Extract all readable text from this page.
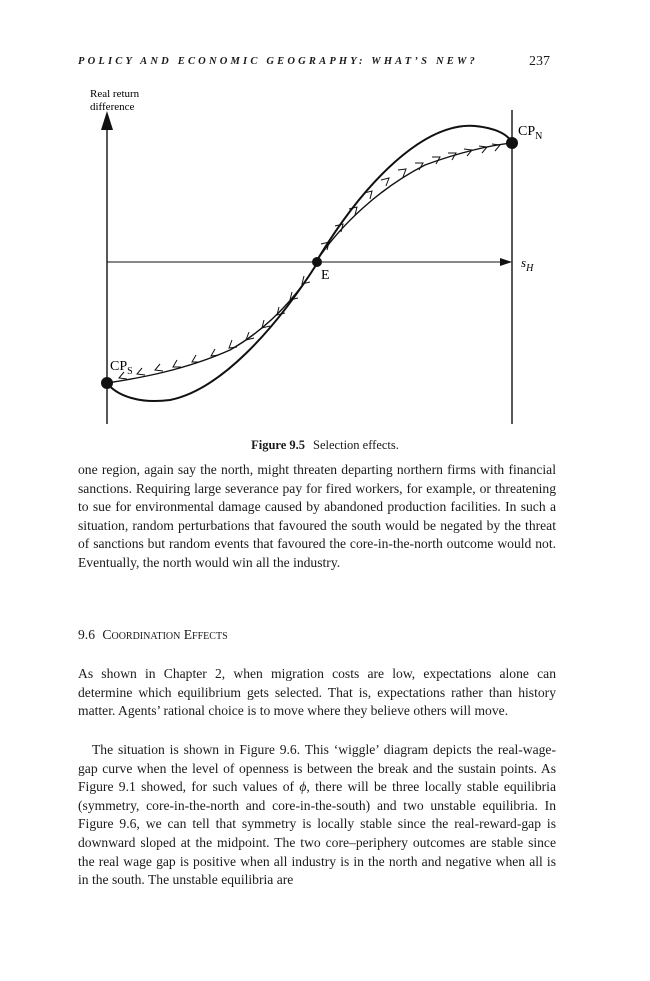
POLICY AND ECONOMIC GEOGRAPHY: WHAT’S NEW?	237
Real return
difference
$s_H$
$CP_N$
$CP_S$
E
Figure 9.5 Selection effects.

one region, again say the north, might threaten departing northern firms with financial sanctions. Requiring large severance pay for fired workers, for example, or threatening to sue for environmental damage caused by abandoned production facilities. In such a situation, random perturbations that favoured the south would be negated by the threat of sanctions but random events that favoured the core-in-the-north outcome would not. Eventually, the north would win all the industry.

9.6 Coordination Effects

As shown in Chapter 2, when migration costs are low, expectations alone can determine which equilibrium gets selected. That is, expectations rather than history matter. Agents’ rational choice is to move where they believe others will move.

The situation is shown in Figure 9.6. This ‘wiggle’ diagram depicts the real-wage-gap curve when the level of openness is between the break and the sustain points. As Figure 9.1 showed, for such values of ϕ, there will be three locally stable equilibria (symmetry, core-in-the-north and core-in-the-south) and two unstable equilibria. In Figure 9.6, we can tell that symmetry is locally stable since the real-reward-gap is downward sloped at the midpoint. The two core–periphery outcomes are stable since the real wage gap is positive when all industry is in the north and negative when all is in the south. The unstable equilibria are
